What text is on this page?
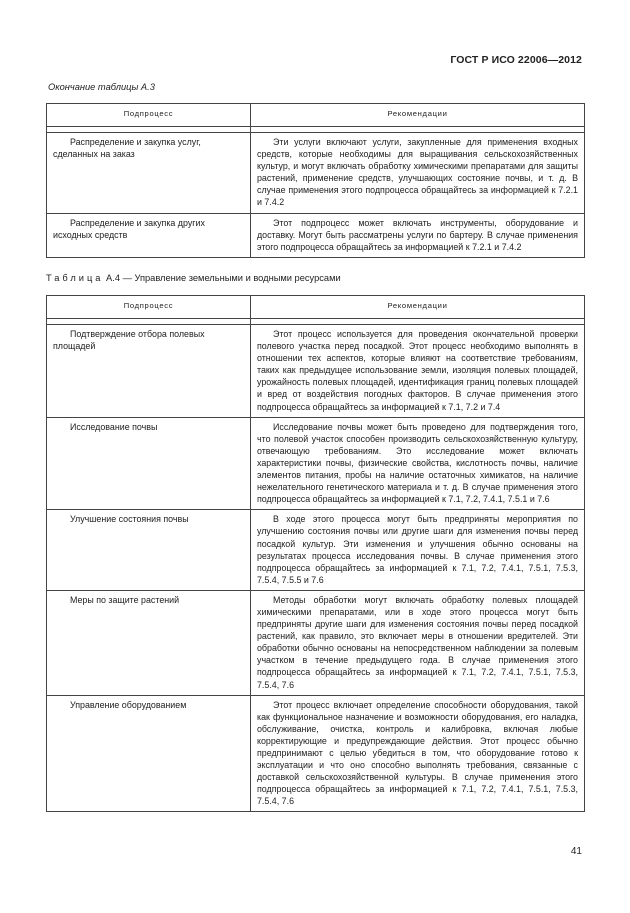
ГОСТ Р ИСО 22006—2012
Окончание таблицы А.3
Подпроцесс	Рекомендации

Распределение и закупка услуг, сделанных на заказ	Эти услуги включают услуги, закупленные для применения входных средств, которые необходимы для выращивания сельскохозяйственных культур, и могут включать обработку химическими препаратами для защиты растений, применение средств, улучшающих состояние почвы, и т. д. В случае применения этого подпроцесса обращайтесь за информацией к 7.2.1 и 7.4.2
Распределение и закупка других исходных средств	Этот подпроцесс может включать инструменты, оборудование и доставку. Могут быть рассматрены услуги по бартеру. В случае применения этого подпроцесса обращайтесь за информацией к 7.2.1 и 7.4.2
Таблица А.4 — Управление земельными и водными ресурсами
Подпроцесс	Рекомендации

Подтверждение отбора полевых площадей	Этот процесс используется для проведения окончательной проверки полевого участка перед посадкой. Этот процесс необходимо выполнять в отношении тех аспектов, которые влияют на соответствие требованиям, таких как предыдущее использование земли, изоляция полевых площадей, урожайность полевых площадей, идентификация границ полевых площадей и вред от воздействия погодных факторов. В случае применения этого подпроцесса обращайтесь за информацией к 7.1, 7.2 и 7.4
Исследование почвы	Исследование почвы может быть проведено для подтверждения того, что полевой участок способен производить сельскохозяйственную культуру, отвечающую требованиям. Это исследование может включать характеристики почвы, физические свойства, кислотность почвы, наличие элементов питания, пробы на наличие остаточных химикатов, на наличие нежелательного генетического материала и т. д. В случае применения этого подпроцесса обращайтесь за информацией к 7.1, 7.2, 7.4.1, 7.5.1 и 7.6
Улучшение состояния почвы	В ходе этого процесса могут быть предприняты мероприятия по улучшению состояния почвы или другие шаги для изменения почвы перед посадкой культур. Эти изменения и улучшения обычно основаны на результатах процесса исследования почвы. В случае применения этого подпроцесса обращайтесь за информацией к 7.1, 7.2, 7.4.1, 7.5.1, 7.5.3, 7.5.4, 7.5.5 и 7.6
Меры по защите растений	Методы обработки могут включать обработку полевых площадей химическими препаратами, или в ходе этого процесса могут быть предприняты другие шаги для изменения состояния почвы перед посадкой растений, как правило, это включает меры в отношении вредителей. Эти обработки обычно основаны на непосредственном наблюдении за полевым участком в течение предыдущего года. В случае применения этого подпроцесса обращайтесь за информацией к 7.1, 7.2, 7.4.1, 7.5.1, 7.5.3, 7.5.4, 7.6
Управление оборудованием	Этот процесс включает определение способности оборудования, такой как функциональное назначение и возможности оборудования, его наладка, обслуживание, очистка, контроль и калибровка, включая любые корректирующие и предупреждающие действия. Этот процесс обычно предпринимают с целью убедиться в том, что оборудование готово к эксплуатации и что оно способно выполнять требования, связанные с доставкой сельскохозяйственной культуры. В случае применения этого подпроцесса обращайтесь за информацией к 7.1, 7.2, 7.4.1, 7.5.1, 7.5.3, 7.5.4, 7.6
41
